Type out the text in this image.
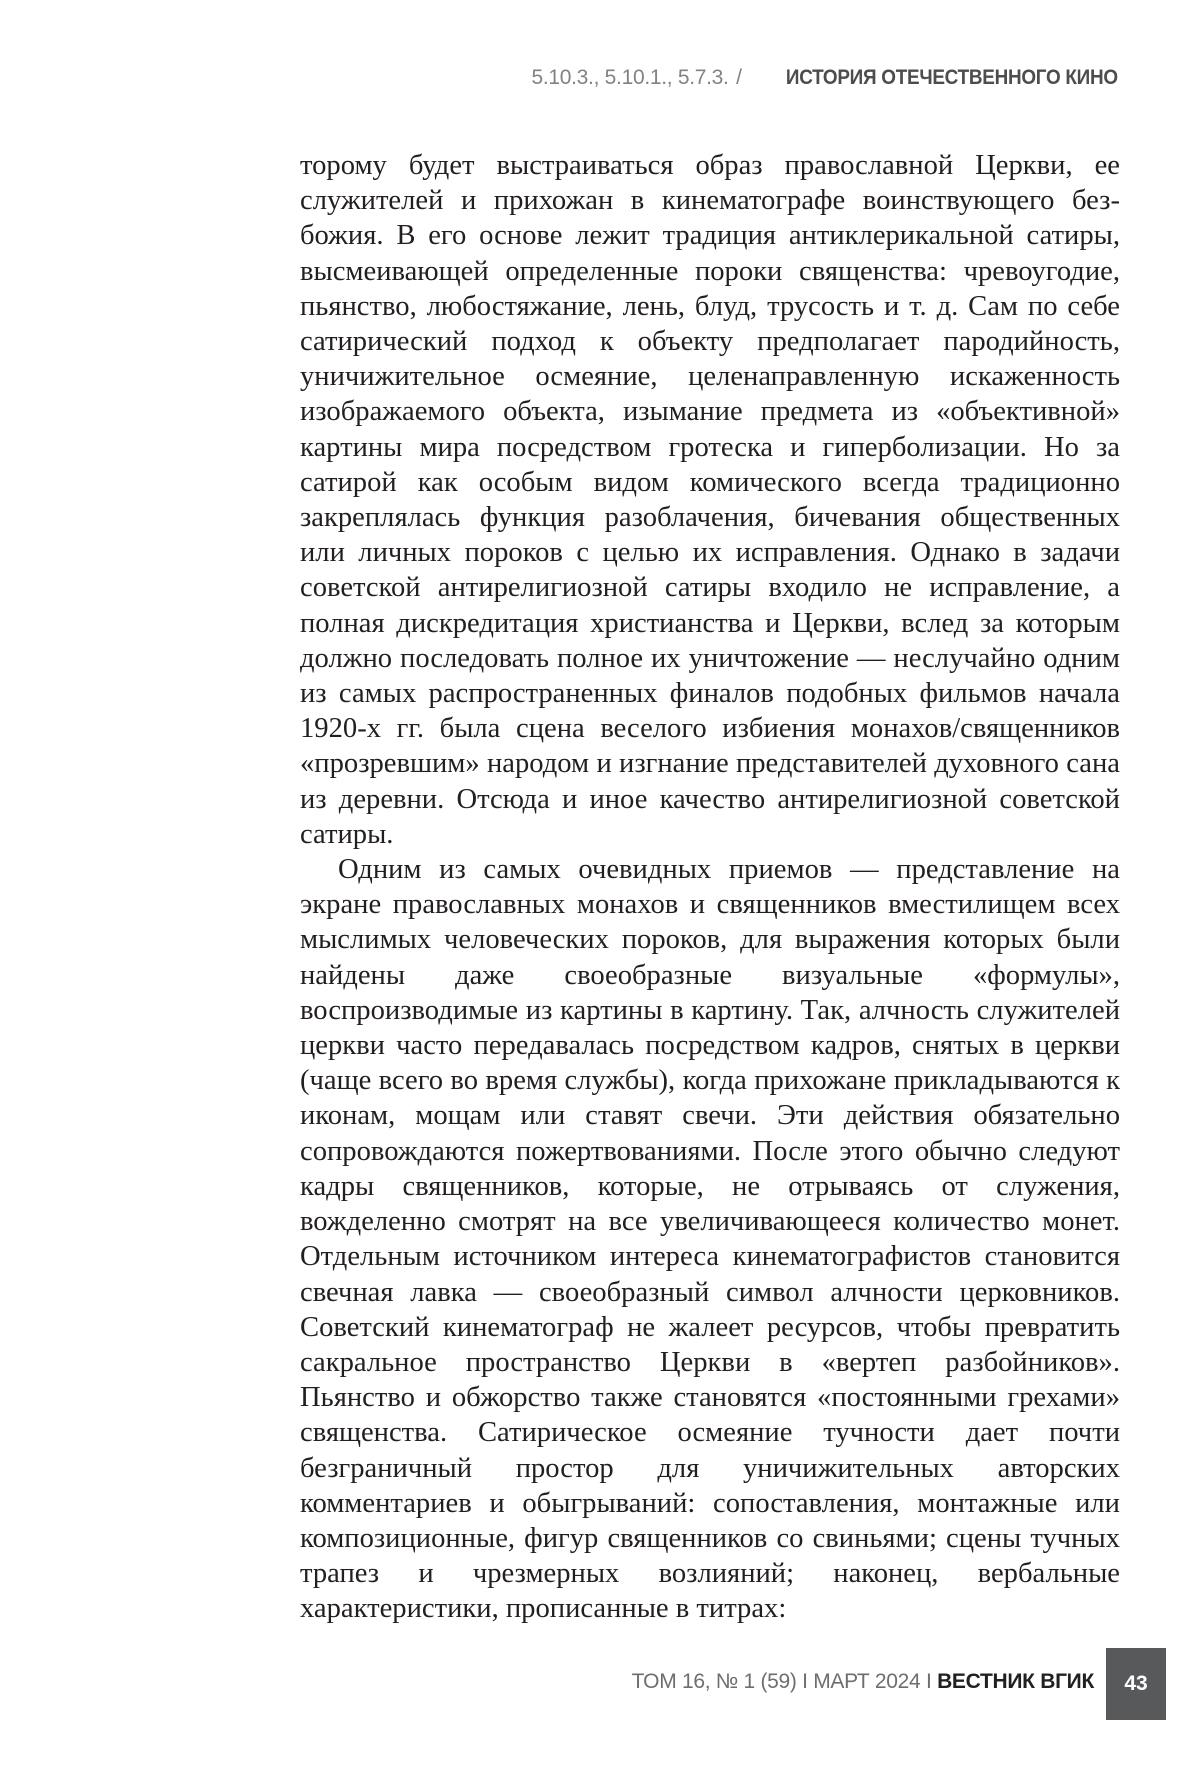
5.10.3., 5.10.1., 5.7.3. / ИСТОРИЯ ОТЕЧЕСТВЕННОГО КИНО

тором­у будет выстраиваться образ православной Церкви, ее служителей и прихожан в кинематографе воинствующего без­божия. В его основе лежит традиция антиклерикальной сатиры, высмеивающей определенные пороки священства: чревоугодие, пьянство, любостяжание, лень, блуд, трусость и т. д. Сам по себе сатирический подход к объекту предполагает пародийность, уничижительное осмеяние, целенаправленную искаженность изображаемого объекта, изымание предмета из «объективной» картины мира посредством гротеска и гиперболизации. Но за сатирой как особым видом комического всегда традиционно закреплялась функция разоблачения, бичевания общественных или личных пороков с целью их исправления. Однако в задачи советской антирелигиозной сатиры входило не исправление, а полная дискредитация христианства и Церкви, вслед за кото­рым должно последовать полное их уничтожение — неслучайно одним из самых распространенных финалов подобных филь­мов начала 1920-х гг. была сцена веселого избиения монахов/священников «прозревшим» народом и изгнание представите­лей духовного сана из деревни. Отсюда и иное качество анти­религиозной советской сатиры.

Одним из самых очевидных приемов — представление на экране православных монахов и священников вместилищем всех мыслимых человеческих пороков, для выражения кото­рых были найдены даже своеобразные визуальные «форму­лы», воспроизводимые из картины в картину. Так, алчность служителей церкви часто передавалась посредством кадров, снятых в церкви (чаще всего во время службы), когда прихо­жане прикладываются к иконам, мощам или ставят свечи. Эти действия обязательно сопровождаются пожертвованиями. По­сле этого обычно следуют кадры священников, которые, не от­рываясь от служения, вожделенно смотрят на все увеличива­ющееся количество монет. Отдельным источником интереса кинематографистов становится свечная лавка — своеобразный символ алчности церковников. Советский кинематограф не жалеет ресурсов, чтобы превратить сакральное пространство Церкви в «вертеп разбойников». Пьянство и обжорство также становятся «постоянными грехами» священства. Сатириче­ское осмеяние тучности дает почти безграничный простор для уничижительных авторских комментариев и обыгрываний: со­поставления, монтажные или композиционные, фигур священ­ников со свиньями; сцены тучных трапез и чрезмерных воз­лияний; наконец, вербальные характеристики, прописанные в титрах:

ТОМ 16, № 1 (59) I МАРТ 2024 I ВЕСТНИК ВГИК	43
